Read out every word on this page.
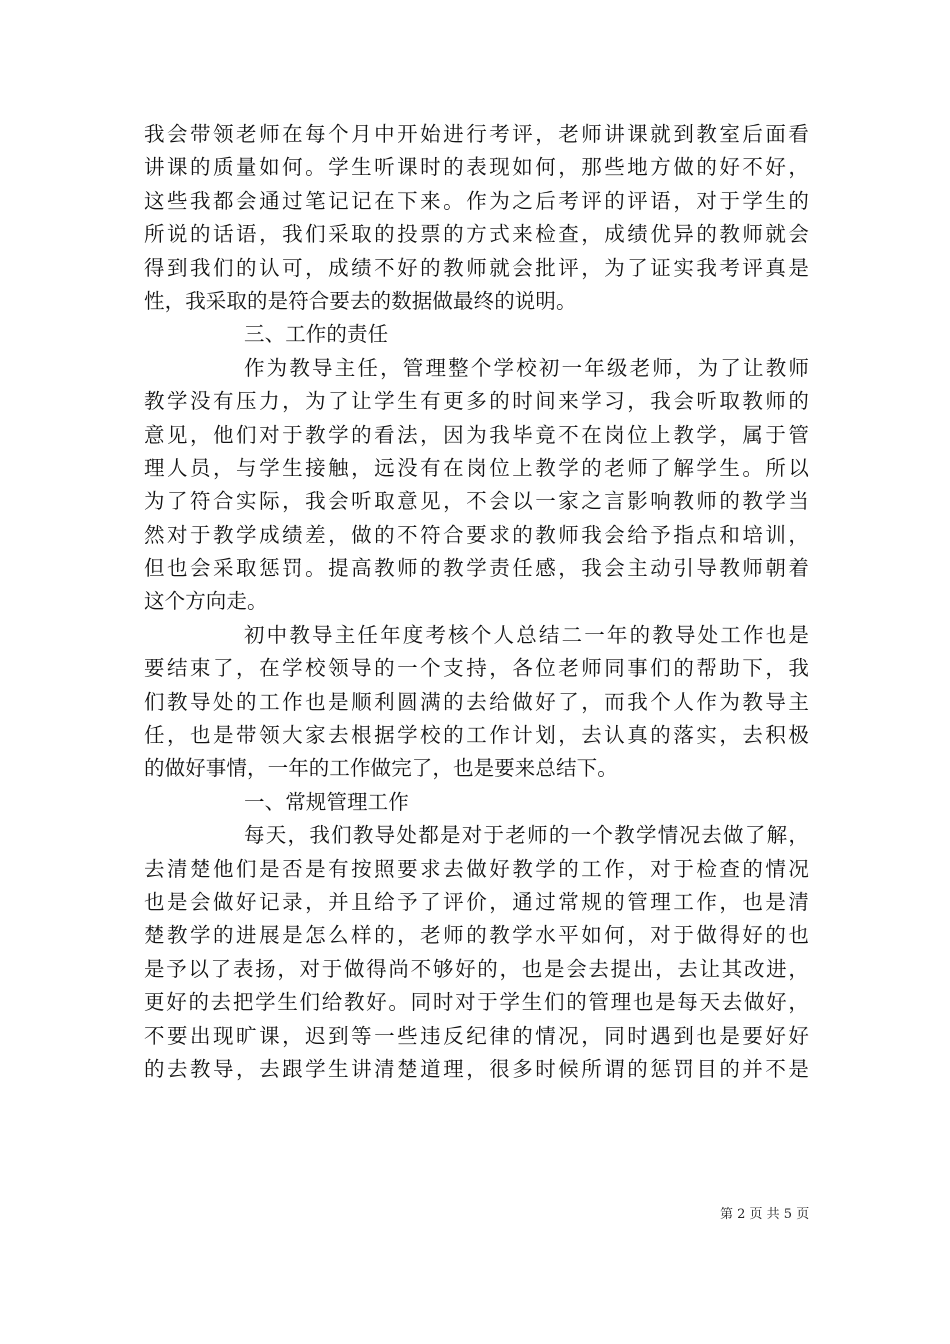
我会带领老师在每个月中开始进行考评，老师讲课就到教室后面看
讲课的质量如何。学生听课时的表现如何，那些地方做的好不好，
这些我都会通过笔记记在下来。作为之后考评的评语，对于学生的
所说的话语，我们采取的投票的方式来检查，成绩优异的教师就会
得到我们的认可，成绩不好的教师就会批评，为了证实我考评真是
性，我采取的是符合要去的数据做最终的说明。
三、工作的责任
作为教导主任，管理整个学校初一年级老师，为了让教师
教学没有压力，为了让学生有更多的时间来学习，我会听取教师的
意见，他们对于教学的看法，因为我毕竟不在岗位上教学，属于管
理人员，与学生接触，远没有在岗位上教学的老师了解学生。所以
为了符合实际，我会听取意见，不会以一家之言影响教师的教学当
然对于教学成绩差，做的不符合要求的教师我会给予指点和培训，
但也会采取惩罚。提高教师的教学责任感，我会主动引导教师朝着
这个方向走。
初中教导主任年度考核个人总结二一年的教导处工作也是
要结束了，在学校领导的一个支持，各位老师同事们的帮助下，我
们教导处的工作也是顺利圆满的去给做好了，而我个人作为教导主
任，也是带领大家去根据学校的工作计划，去认真的落实，去积极
的做好事情，一年的工作做完了，也是要来总结下。
一、常规管理工作
每天，我们教导处都是对于老师的一个教学情况去做了解，
去清楚他们是否是有按照要求去做好教学的工作，对于检查的情况
也是会做好记录，并且给予了评价，通过常规的管理工作，也是清
楚教学的进展是怎么样的，老师的教学水平如何，对于做得好的也
是予以了表扬，对于做得尚不够好的，也是会去提出，去让其改进，
更好的去把学生们给教好。同时对于学生们的管理也是每天去做好，
不要出现旷课，迟到等一些违反纪律的情况，同时遇到也是要好好
的去教导，去跟学生讲清楚道理，很多时候所谓的惩罚目的并不是
第 2 页 共 5 页
